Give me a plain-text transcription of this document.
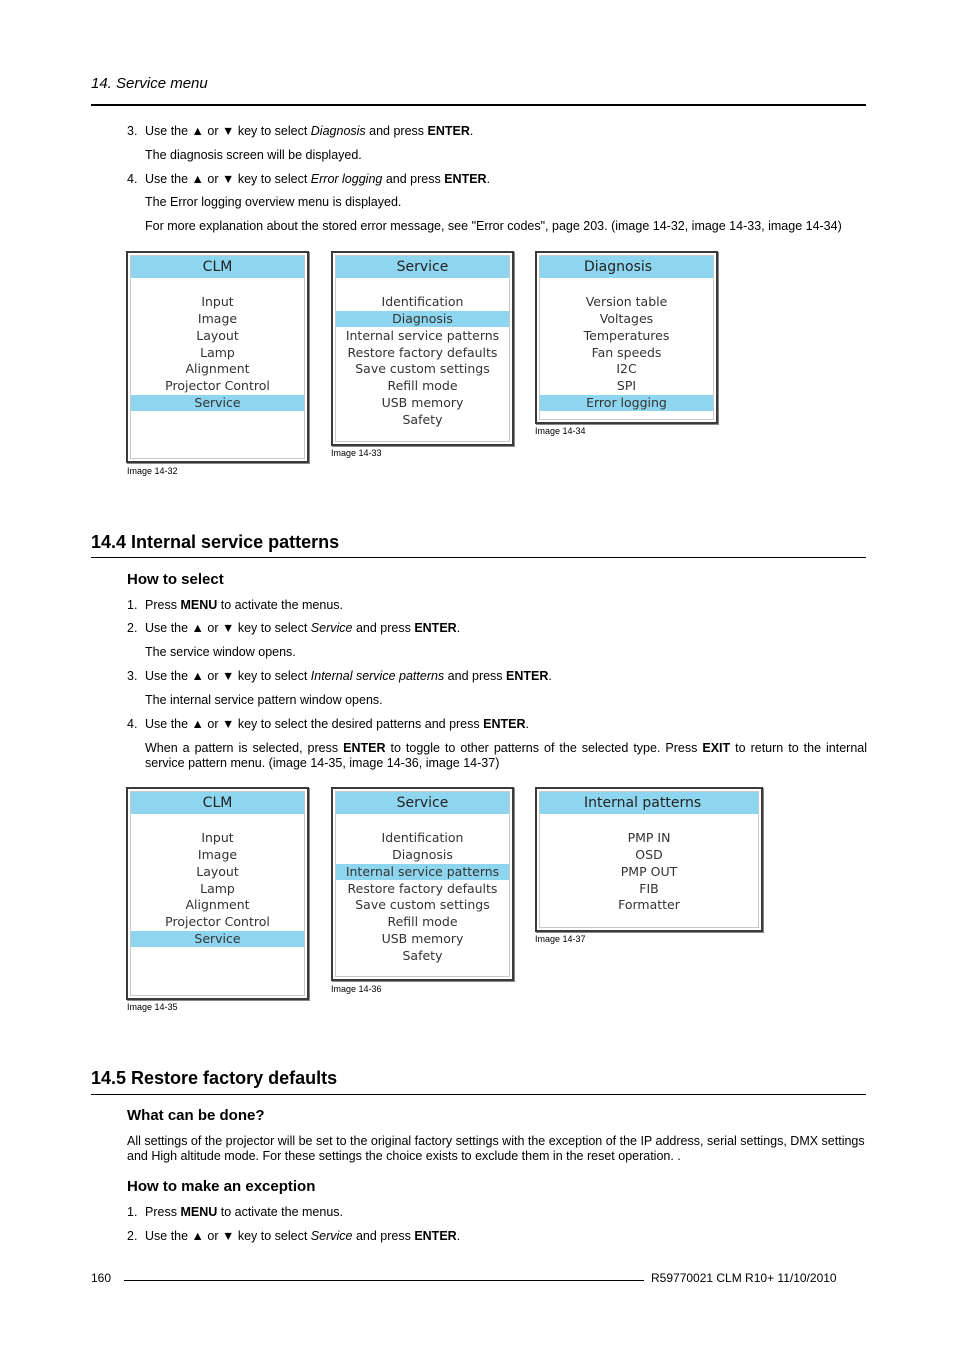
14. Service menu
3. Use the ▲ or ▼ key to select Diagnosis and press ENTER.
The diagnosis screen will be displayed.
4. Use the ▲ or ▼ key to select Error logging and press ENTER.
The Error logging overview menu is displayed.
For more explanation about the stored error message, see "Error codes", page 203. (image 14-32, image 14-33, image 14-34)
CLM
Input
Image
Layout
Lamp
Alignment
Projector Control
Service
Image 14-32
Service
Identification
Diagnosis
Internal service patterns
Restore factory defaults
Save custom settings
Refill mode
USB memory
Safety
Image 14-33
Diagnosis
Version table
Voltages
Temperatures
Fan speeds
I2C
SPI
Error logging
Image 14-34
14.4 Internal service patterns
How to select
1. Press MENU to activate the menus.
2. Use the ▲ or ▼ key to select Service and press ENTER.
The service window opens.
3. Use the ▲ or ▼ key to select Internal service patterns and press ENTER.
The internal service pattern window opens.
4. Use the ▲ or ▼ key to select the desired patterns and press ENTER.
When a pattern is selected, press ENTER to toggle to other patterns of the selected type. Press EXIT to return to the internal service pattern menu. (image 14-35, image 14-36, image 14-37)
CLM
Input
Image
Layout
Lamp
Alignment
Projector Control
Service
Image 14-35
Service
Identification
Diagnosis
Internal service patterns
Restore factory defaults
Save custom settings
Refill mode
USB memory
Safety
Image 14-36
Internal patterns
PMP IN
OSD
PMP OUT
FIB
Formatter
Image 14-37
14.5 Restore factory defaults
What can be done?
All settings of the projector will be set to the original factory settings with the exception of the IP address, serial settings, DMX settings and High altitude mode. For these settings the choice exists to exclude them in the reset operation. .
How to make an exception
1. Press MENU to activate the menus.
2. Use the ▲ or ▼ key to select Service and press ENTER.
160	R59770021 CLM R10+ 11/10/2010
